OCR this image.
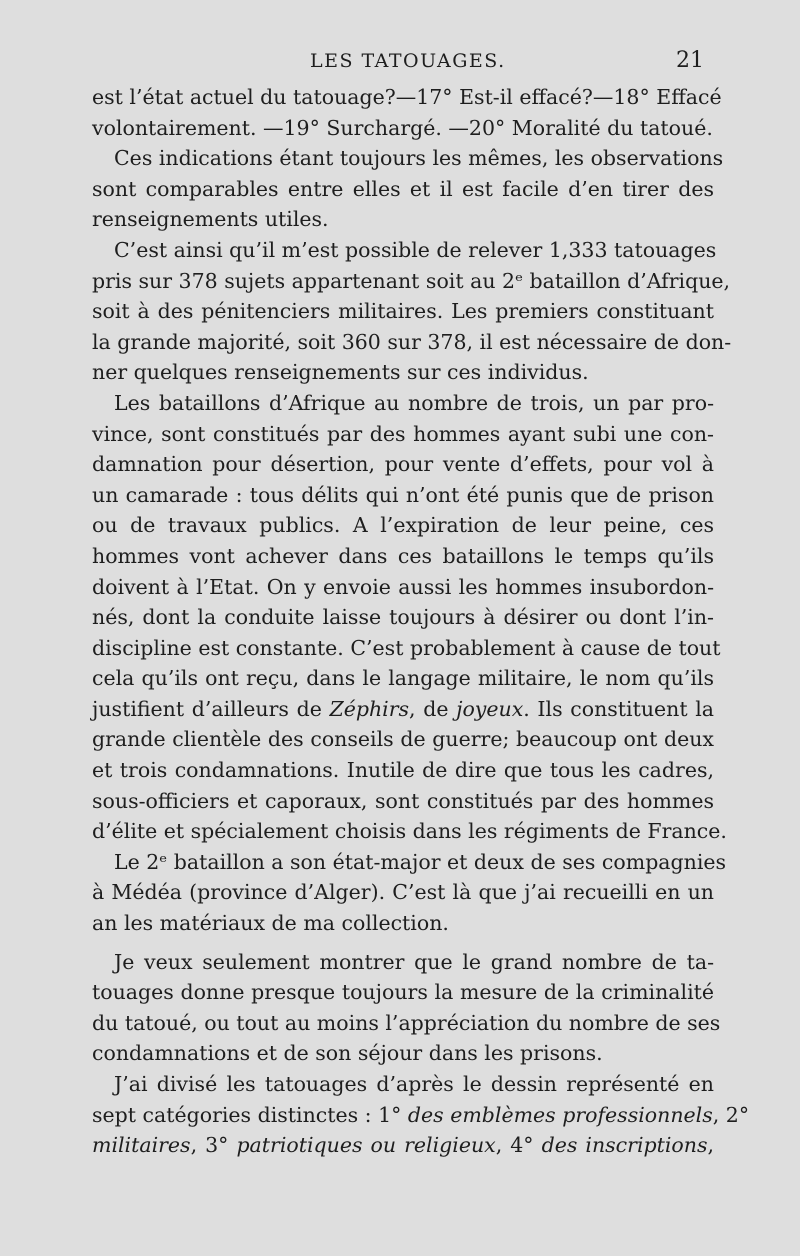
LES TATOUAGES.	21

est l’état actuel du tatouage?—17° Est-il effacé?—18° Effacé
volontairement. —19° Surchargé. —20° Moralité du tatoué.

Ces indications étant toujours les mêmes, les observations
sont comparables entre elles et il est facile d’en tirer des
renseignements utiles.

C’est ainsi qu’il m’est possible de relever 1,333 tatouages
pris sur 378 sujets appartenant soit au 2ᵉ bataillon d’Afrique,
soit à des pénitenciers militaires. Les premiers constituant
la grande majorité, soit 360 sur 378, il est nécessaire de don-
ner quelques renseignements sur ces individus.

Les bataillons d’Afrique au nombre de trois, un par pro-
vince, sont constitués par des hommes ayant subi une con-
damnation pour désertion, pour vente d’effets, pour vol à
un camarade : tous délits qui n’ont été punis que de prison
ou de travaux publics. A l’expiration de leur peine, ces
hommes vont achever dans ces bataillons le temps qu’ils
doivent à l’Etat. On y envoie aussi les hommes insubordon-
nés, dont la conduite laisse toujours à désirer ou dont l’in-
discipline est constante. C’est probablement à cause de tout
cela qu’ils ont reçu, dans le langage militaire, le nom qu’ils
justifient d’ailleurs de Zéphirs, de joyeux. Ils constituent la
grande clientèle des conseils de guerre; beaucoup ont deux
et trois condamnations. Inutile de dire que tous les cadres,
sous-officiers et caporaux, sont constitués par des hommes
d’élite et spécialement choisis dans les régiments de France.

Le 2ᵉ bataillon a son état-major et deux de ses compagnies
à Médéa (province d’Alger). C’est là que j’ai recueilli en un
an les matériaux de ma collection.

Je veux seulement montrer que le grand nombre de ta-
touages donne presque toujours la mesure de la criminalité
du tatoué, ou tout au moins l’appréciation du nombre de ses
condamnations et de son séjour dans les prisons.

J’ai divisé les tatouages d’après le dessin représenté en
sept catégories distinctes : 1° des emblèmes professionnels, 2°
militaires, 3° patriotiques ou religieux, 4° des inscriptions,
